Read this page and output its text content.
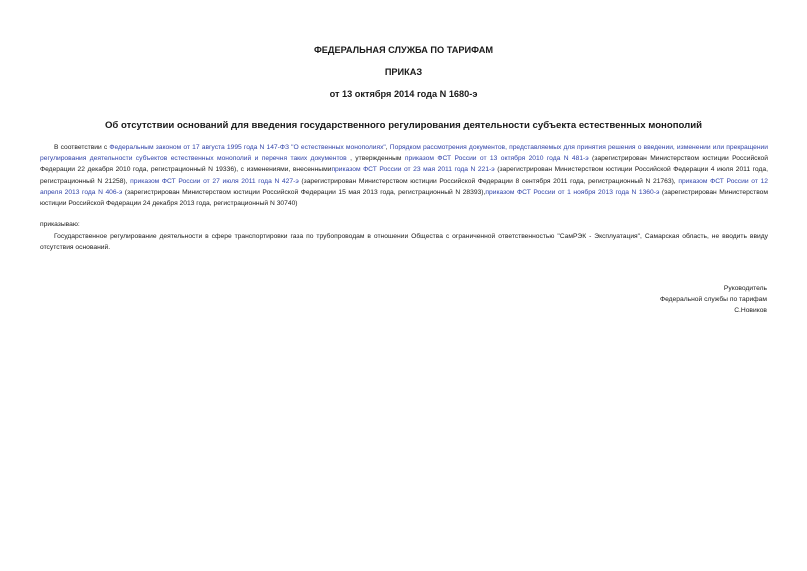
ФЕДЕРАЛЬНАЯ СЛУЖБА ПО ТАРИФАМ

ПРИКАЗ

от 13 октября 2014 года N 1680-э

Об отсутствии оснований для введения государственного регулирования деятельности субъекта естественных монополий

В соответствии с Федеральным законом от 17 августа 1995 года N 147-ФЗ "О естественных монополиях", Порядком рассмотрения документов, представляемых для принятия решения о введении, изменении или прекращении регулирования деятельности субъектов естественных монополий и перечня таких документов , утвержденным приказом ФСТ России от 13 октября 2010 года N 481-э (зарегистрирован Министерством юстиции Российской Федерации 22 декабря 2010 года, регистрационный N 19336), с изменениями, внесеннымиприказом ФСТ России от 23 мая 2011 года N 221-э (зарегистрирован Министерством юстиции Российской Федерации 4 июля 2011 года, регистрационный N 21258), приказом ФСТ России от 27 июля 2011 года N 427-э (зарегистрирован Министерством юстиции Российской Федерации 8 сентября 2011 года, регистрационный N 21763), приказом ФСТ России от 12 апреля 2013 года N 406-э (зарегистрирован Министерством юстиции Российской Федерации 15 мая 2013 года, регистрационный N 28393),приказом ФСТ России от 1 ноября 2013 года N 1360-э (зарегистрирован Министерством юстиции Российской Федерации 24 декабря 2013 года, регистрационный N 30740)

приказываю:

Государственное регулирование деятельности в сфере транспортировки газа по трубопроводам в отношении Общества с ограниченной ответственностью "СамРЭК - Эксплуатация", Самарская область, не вводить ввиду отсутствия оснований.

Руководитель
Федеральной службы по тарифам
С.Новиков
